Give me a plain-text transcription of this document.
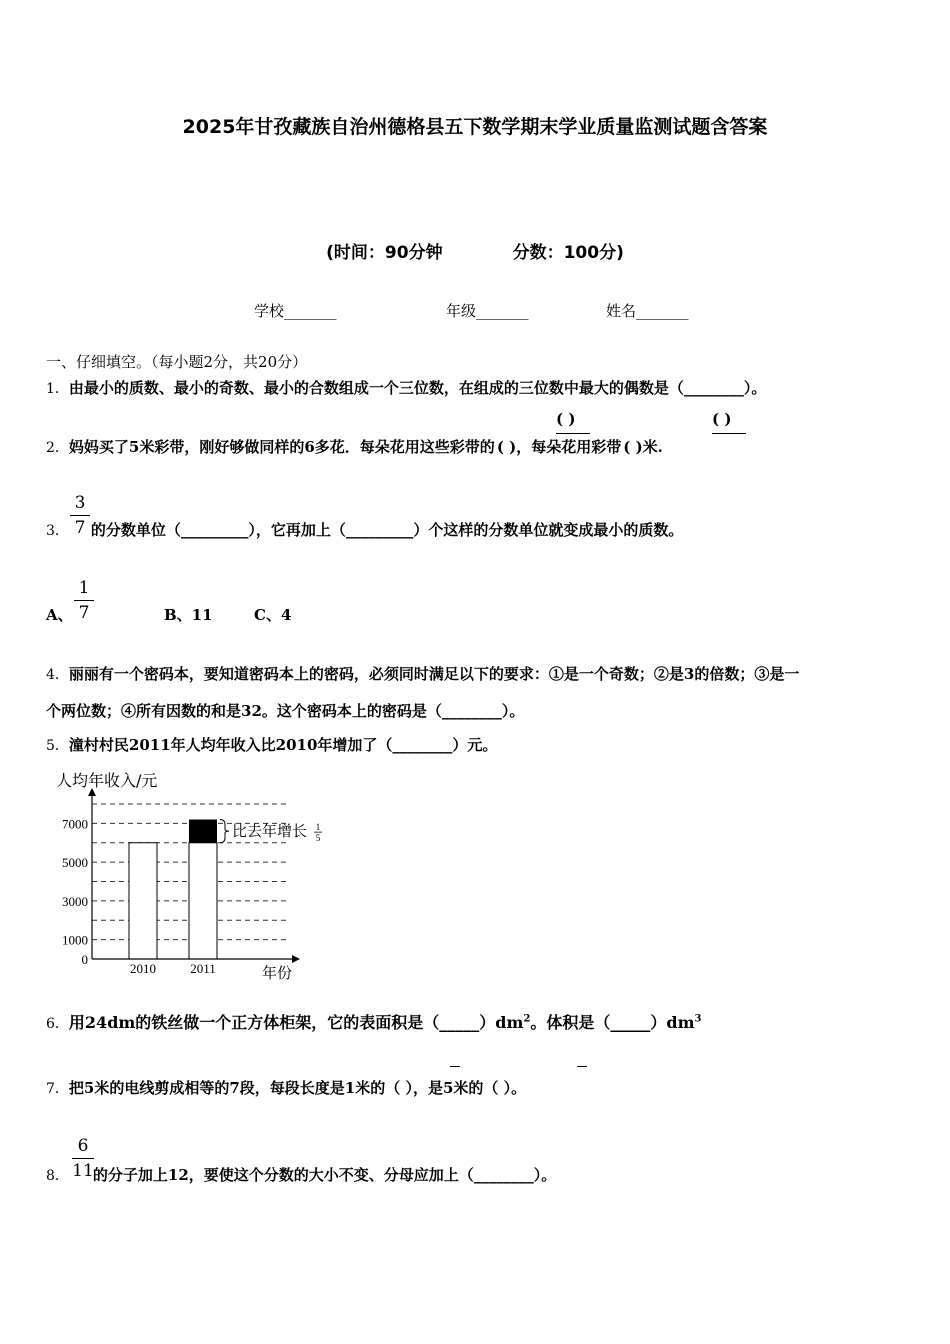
2025年甘孜藏族自治州德格县五下数学期末学业质量监测试题含答案
(时间：90分钟	分数：100分)
学校_______	年级_______	姓名_______
一、仔细填空。（每小题2分，共20分）
1．由最小的质数、最小的奇数、最小的合数组成一个三位数，在组成的三位数中最大的偶数是（________）。
( )	( )
2．妈妈买了5米彩带，刚好够做同样的6多花．每朵花用这些彩带的 ( )，每朵花用彩带 ( )米.
3
7
3． 的分数单位（_________），它再加上（_________）个这样的分数单位就变成最小的质数。
A、
1
7	B、11	C、4
4．丽丽有一个密码本，要知道密码本上的密码，必须同时满足以下的要求：①是一个奇数；②是3的倍数；③是一
个两位数；④所有因数的和是32。这个密码本上的密码是（________）。
5．潼村村民2011年人均年收入比2010年增加了（________）元。
2010	2011
0
1000
3000
5000
7000
人均年收入/元
年份
比去年增长 1
5
6．用24dm的铁丝做一个正方体柜架，它的表面积是$(\_\_\_\_\_)dm^2$。体积是$(\_\_\_\_\_)dm^3$
7．把5米的电线剪成相等的7段，每段长度是1米的（ ），是5米的（ ）。
6
11
8． 的分子加上12，要使这个分数的大小不变、分母应加上（________）。
